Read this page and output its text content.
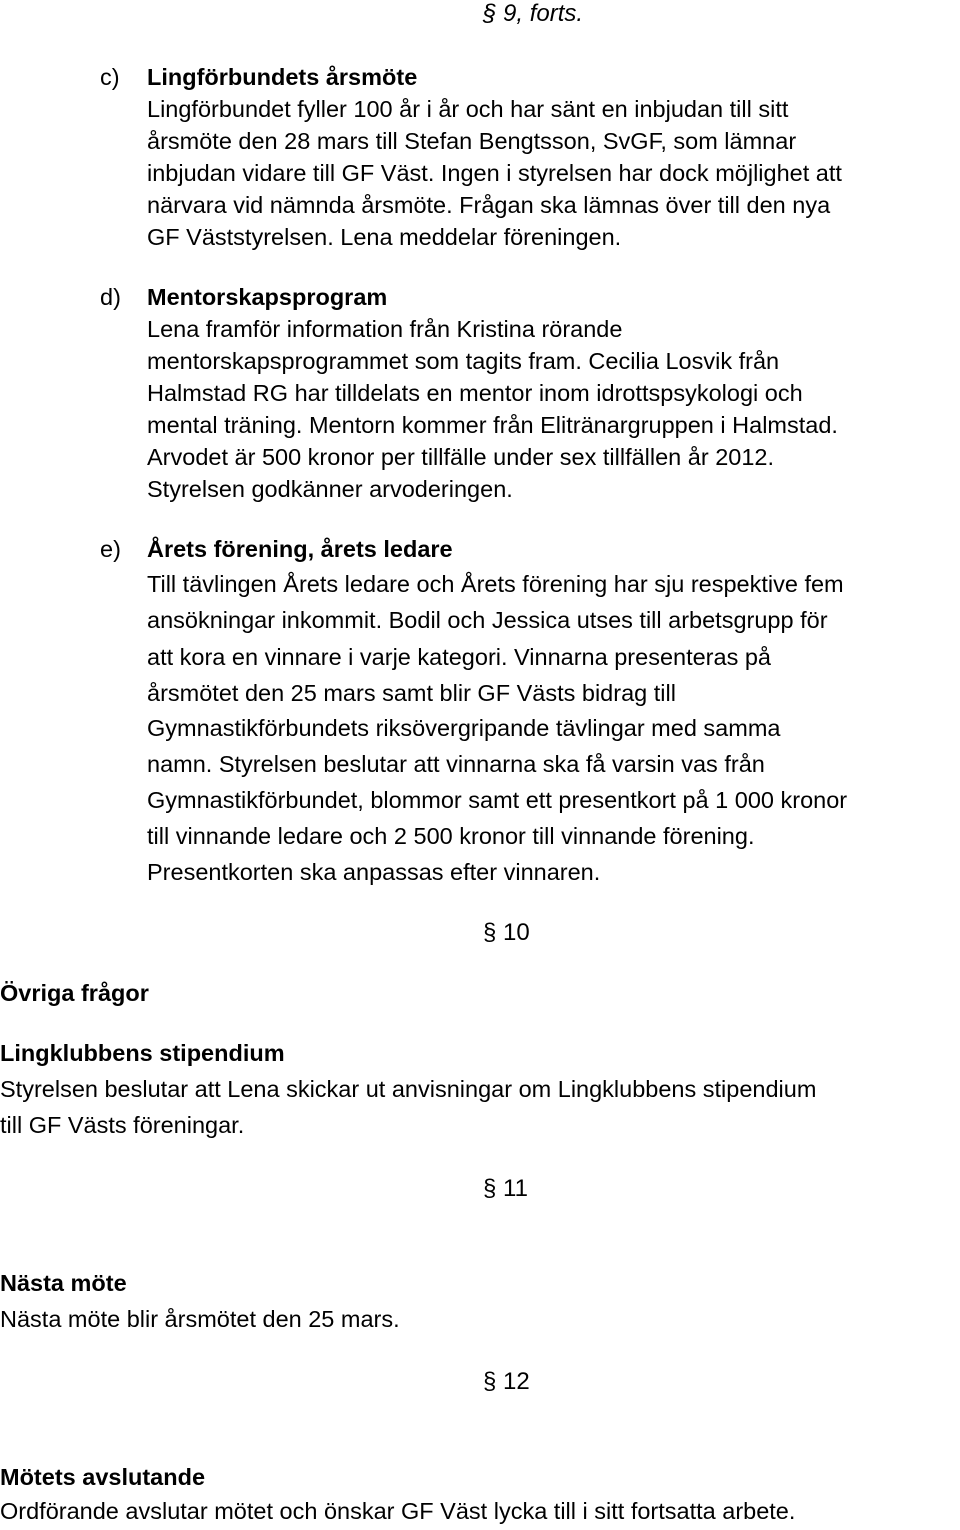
§ 9, forts.
c) Lingförbundets årsmöte
Lingförbundet fyller 100 år i år och har sänt en inbjudan till sitt
årsmöte den 28 mars till Stefan Bengtsson, SvGF, som lämnar
inbjudan vidare till GF Väst. Ingen i styrelsen har dock möjlighet att
närvara vid nämnda årsmöte. Frågan ska lämnas över till den nya
GF Väststyrelsen. Lena meddelar föreningen.
d) Mentorskapsprogram
Lena framför information från Kristina rörande
mentorskapsprogrammet som tagits fram. Cecilia Losvik från
Halmstad RG har tilldelats en mentor inom idrottspsykologi och
mental träning. Mentorn kommer från Elitränargruppen i Halmstad.
Arvodet är 500 kronor per tillfälle under sex tillfällen år 2012.
Styrelsen godkänner arvoderingen.
e) Årets förening, årets ledare
Till tävlingen Årets ledare och Årets förening har sju respektive fem
ansökningar inkommit. Bodil och Jessica utses till arbetsgrupp för
att kora en vinnare i varje kategori. Vinnarna presenteras på
årsmötet den 25 mars samt blir GF Västs bidrag till
Gymnastikförbundets riksövergripande tävlingar med samma
namn. Styrelsen beslutar att vinnarna ska få varsin vas från
Gymnastikförbundet, blommor samt ett presentkort på 1 000 kronor
till vinnande ledare och 2 500 kronor till vinnande förening.
Presentkorten ska anpassas efter vinnaren.
§ 10
Övriga frågor
Lingklubbens stipendium
Styrelsen beslutar att Lena skickar ut anvisningar om Lingklubbens stipendium
till GF Västs föreningar.
§ 11
Nästa möte
Nästa möte blir årsmötet den 25 mars.
§ 12
Mötets avslutande
Ordförande avslutar mötet och önskar GF Väst lycka till i sitt fortsatta arbete.
